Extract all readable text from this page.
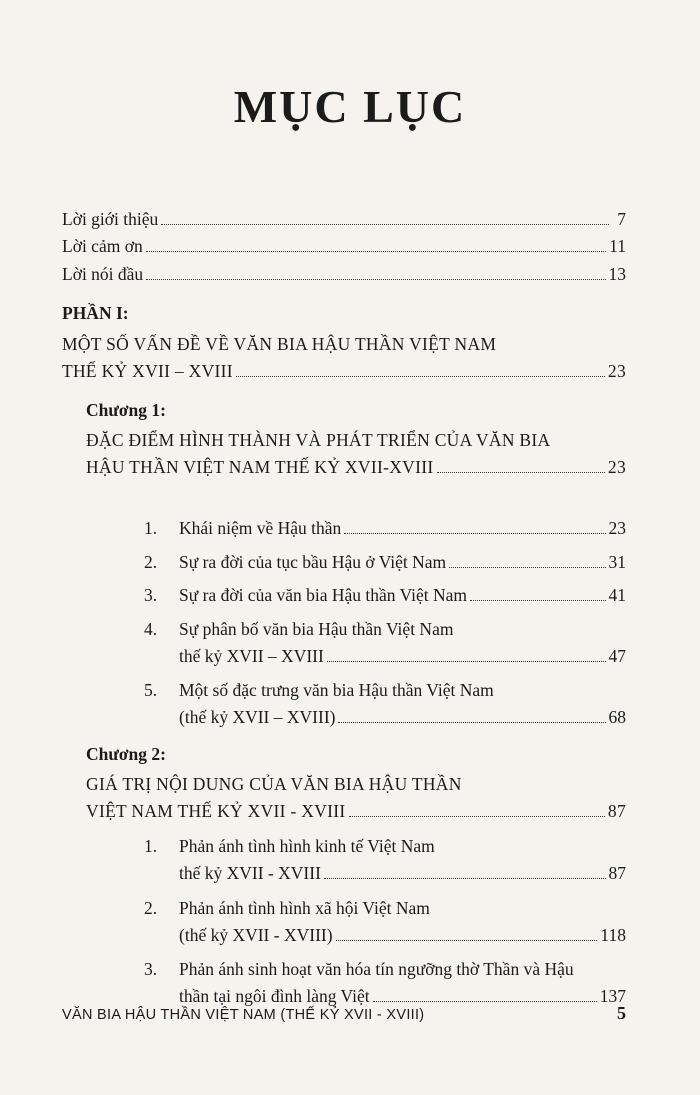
MỤC LỤC
Lời giới thiệu	7
Lời cảm ơn	11
Lời nói đầu	13
PHẦN I:
MỘT SỐ VẤN ĐỀ VỀ VĂN BIA HẬU THẦN VIỆT NAM
THẾ KỶ XVII – XVIII	23
Chương 1:
ĐẶC ĐIỂM HÌNH THÀNH VÀ PHÁT TRIỂN CỦA VĂN BIA
HẬU THẦN VIỆT NAM THẾ KỶ XVII-XVIII	23
1.	Khái niệm về Hậu thần	23
2.	Sự ra đời của tục bầu Hậu ở Việt Nam	31
3.	Sự ra đời của văn bia Hậu thần Việt Nam	41
4. Sự phân bố văn bia Hậu thần Việt Nam
thế kỷ XVII – XVIII	47
5. Một số đặc trưng văn bia Hậu thần Việt Nam
(thế kỷ XVII – XVIII)	68
Chương 2:
GIÁ TRỊ NỘI DUNG CỦA VĂN BIA HẬU THẦN
VIỆT NAM THẾ KỶ XVII - XVIII	87
1. Phản ánh tình hình kinh tế Việt Nam
thế kỷ XVII - XVIII	87
2. Phản ánh tình hình xã hội Việt Nam
(thế kỷ XVII - XVIII)	118
3. Phản ánh sinh hoạt văn hóa tín ngưỡng thờ Thần và Hậu
thần tại ngôi đình làng Việt	137
VĂN BIA HẬU THẦN VIỆT NAM (THẾ KỶ XVII - XVIII)	5
